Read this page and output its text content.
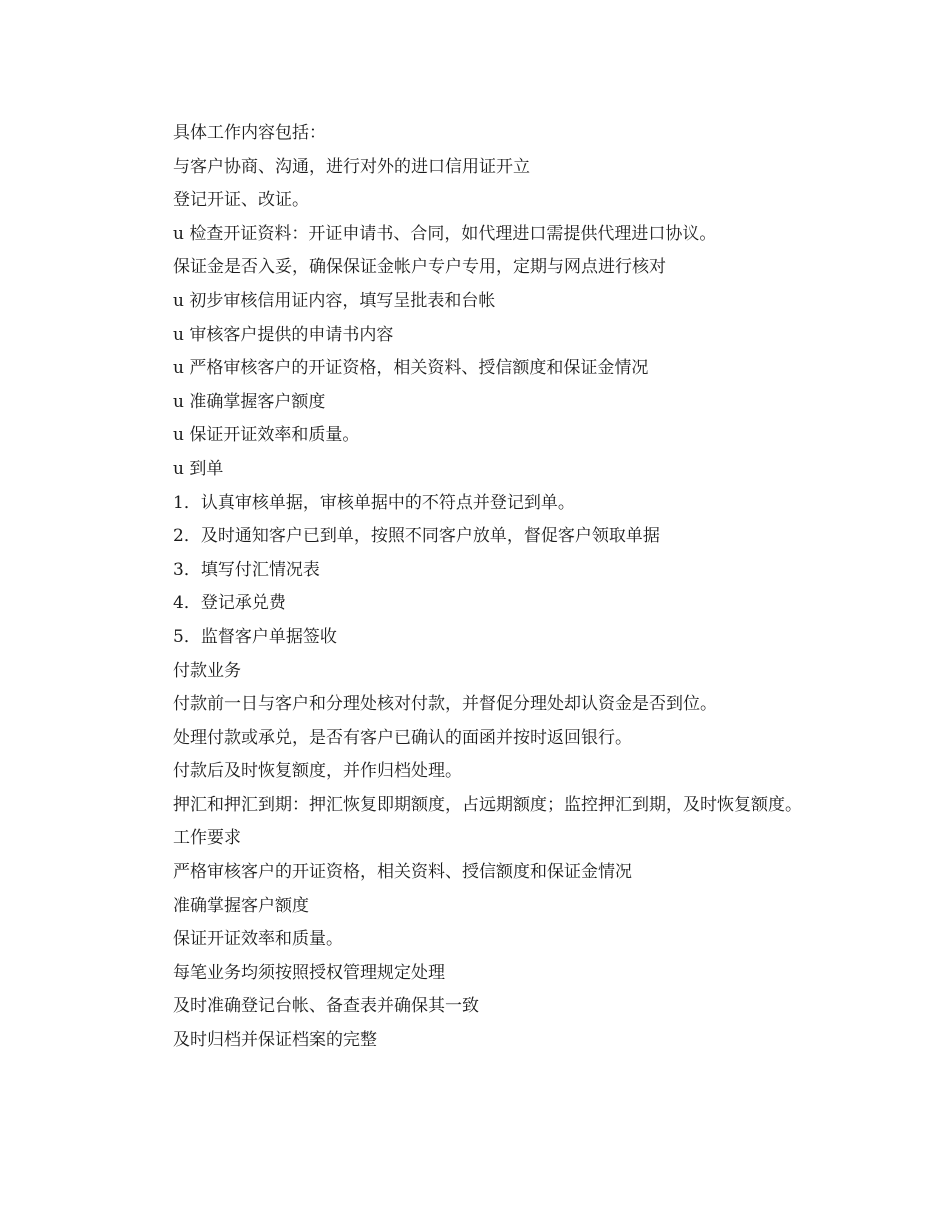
具体工作内容包括：

与客户协商、沟通，进行对外的进口信用证开立

登记开证、改证。

u 检查开证资料：开证申请书、合同，如代理进口需提供代理进口协议。

保证金是否入妥，确保保证金帐户专户专用，定期与网点进行核对

u 初步审核信用证内容，填写呈批表和台帐

u 审核客户提供的申请书内容

u 严格审核客户的开证资格，相关资料、授信额度和保证金情况

u 准确掌握客户额度

u 保证开证效率和质量。

u 到单

1．认真审核单据，审核单据中的不符点并登记到单。

2．及时通知客户已到单，按照不同客户放单，督促客户领取单据

3．填写付汇情况表

4．登记承兑费

5．监督客户单据签收

付款业务

付款前一日与客户和分理处核对付款，并督促分理处却认资金是否到位。

处理付款或承兑，是否有客户已确认的面函并按时返回银行。

付款后及时恢复额度，并作归档处理。

押汇和押汇到期：押汇恢复即期额度，占远期额度；监控押汇到期，及时恢复额度。

工作要求

严格审核客户的开证资格，相关资料、授信额度和保证金情况

准确掌握客户额度

保证开证效率和质量。

每笔业务均须按照授权管理规定处理

及时准确登记台帐、备查表并确保其一致

及时归档并保证档案的完整
